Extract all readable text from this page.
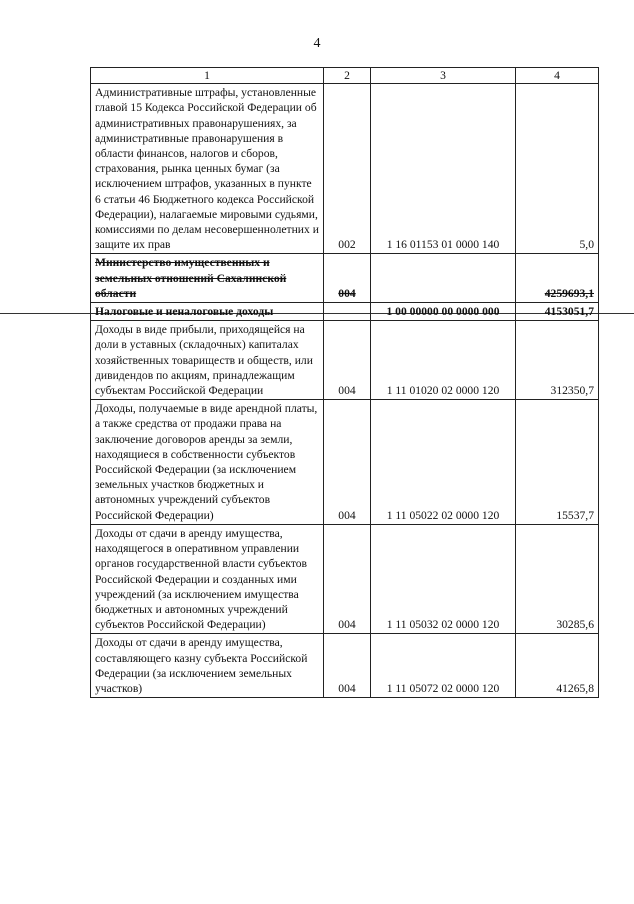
4
1	2	3	4
Административные штрафы, установленные главой 15 Кодекса Российской Федерации об административных правонарушениях, за административные правонарушения в области финансов, налогов и сборов, страхования, рынка ценных бумаг (за исключением штрафов, указанных в пункте 6 статьи 46 Бюджетного кодекса Российской Федерации), налагаемые мировыми судьями, комиссиями по делам несовершеннолетних и защите их прав	002	1 16 01153 01 0000 140	5,0
Министерство имущественных и земельных отношений Сахалинской области	004		4259693,1
Налоговые и неналоговые доходы		1 00 00000 00 0000 000	4153051,7
Доходы в виде прибыли, приходящейся на доли в уставных (складочных) капиталах хозяйственных товариществ и обществ, или дивидендов по акциям, принадлежащим субъектам Российской Федерации	004	1 11 01020 02 0000 120	312350,7
Доходы, получаемые в виде арендной платы, а также средства от продажи права на заключение договоров аренды за земли, находящиеся в собственности субъектов Российской Федерации (за исключением земельных участков бюджетных и автономных учреждений субъектов Российской Федерации)	004	1 11 05022 02 0000 120	15537,7
Доходы от сдачи в аренду имущества, находящегося в оперативном управлении органов государственной власти субъектов Российской Федерации и созданных ими учреждений (за исключением имущества бюджетных и автономных учреждений субъектов Российской Федерации)	004	1 11 05032 02 0000 120	30285,6
Доходы от сдачи в аренду имущества, составляющего казну субъекта Российской Федерации (за исключением земельных участков)	004	1 11 05072 02 0000 120	41265,8
